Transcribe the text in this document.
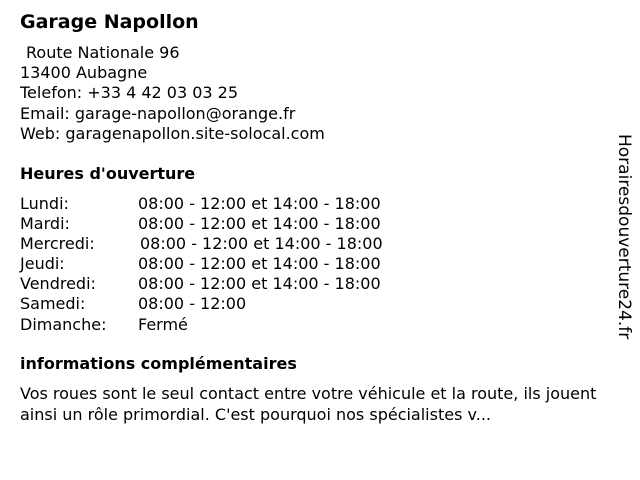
Garage Napollon
Route Nationale 96
13400 Aubagne
Telefon: +33 4 42 03 03 25
Email: garage-napollon@orange.fr
Web: garagenapollon.site-solocal.com
Heures d'ouverture
Lundi:	08:00 - 12:00 et 14:00 - 18:00
Mardi:	08:00 - 12:00 et 14:00 - 18:00
Mercredi:	08:00 - 12:00 et 14:00 - 18:00
Jeudi:	08:00 - 12:00 et 14:00 - 18:00
Vendredi:	08:00 - 12:00 et 14:00 - 18:00
Samedi:	08:00 - 12:00
Dimanche: Fermé
informations complémentaires
Vos roues sont le seul contact entre votre véhicule et la route, ils jouent ainsi un rôle primordial. C'est pourquoi nos spécialistes v...
Horairesdouverture24.fr
